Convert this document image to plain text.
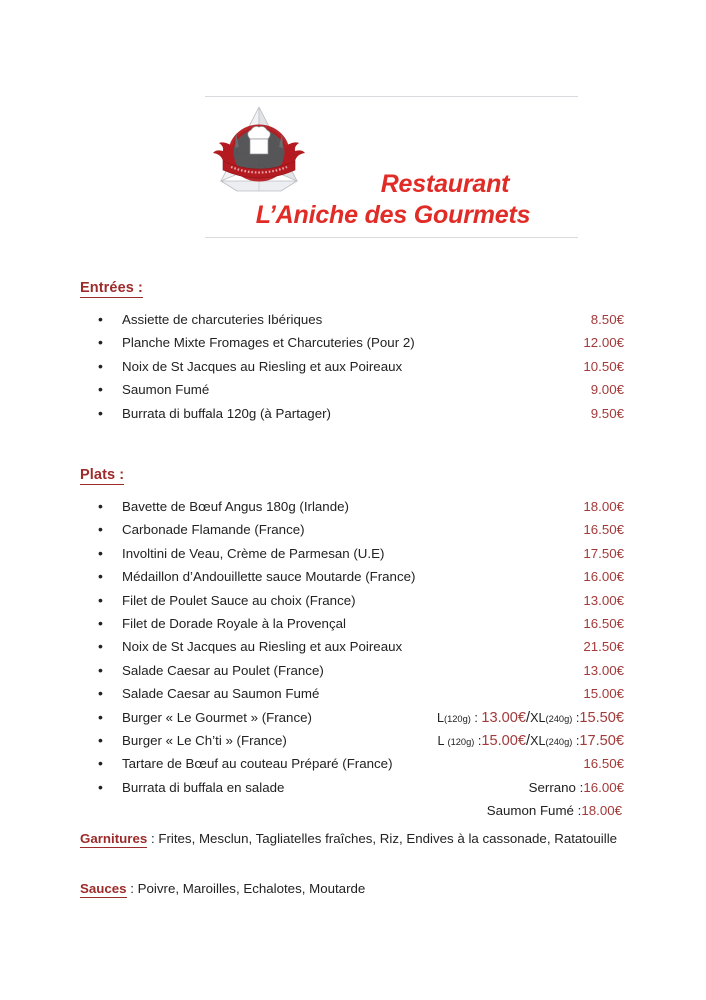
Restaurant
L’Aniche des Gourmets
Entrées :
•
Assiette de charcuteries Ibériques	8.50€
•
Planche Mixte Fromages et Charcuteries (Pour 2)	12.00€
•
Noix de St Jacques au Riesling et aux Poireaux	10.50€
•
Saumon Fumé	9.00€
•
Burrata di buffala 120g (à Partager)	9.50€
Plats :
•
Bavette de Bœuf Angus 180g (Irlande)	18.00€
•
Carbonade Flamande (France)	16.50€
•
Involtini de Veau, Crème de Parmesan (U.E)	17.50€
•
Médaillon d’Andouillette sauce Moutarde (France)	16.00€
•
Filet de Poulet Sauce au choix (France)	13.00€
•
Filet de Dorade Royale à la Provençal	16.50€
•
Noix de St Jacques au Riesling et aux Poireaux	21.50€
•
Salade Caesar au Poulet (France)	13.00€
•
Salade Caesar au Saumon Fumé	15.00€
•
Burger « Le Gourmet » (France)	L(120g) : 13.00€/XL(240g) :15.50€
•
Burger « Le Ch’ti » (France)	L (120g) :15.00€/XL(240g) :17.50€
•
Tartare de Bœuf au couteau Préparé (France)	16.50€
•
Burrata di buffala en salade	Serrano :16.00€
Saumon Fumé : 18.00€
Garnitures : Frites, Mesclun, Tagliatelles fraîches, Riz, Endives à la cassonade, Ratatouille
Sauces : Poivre, Maroilles, Echalotes, Moutarde
